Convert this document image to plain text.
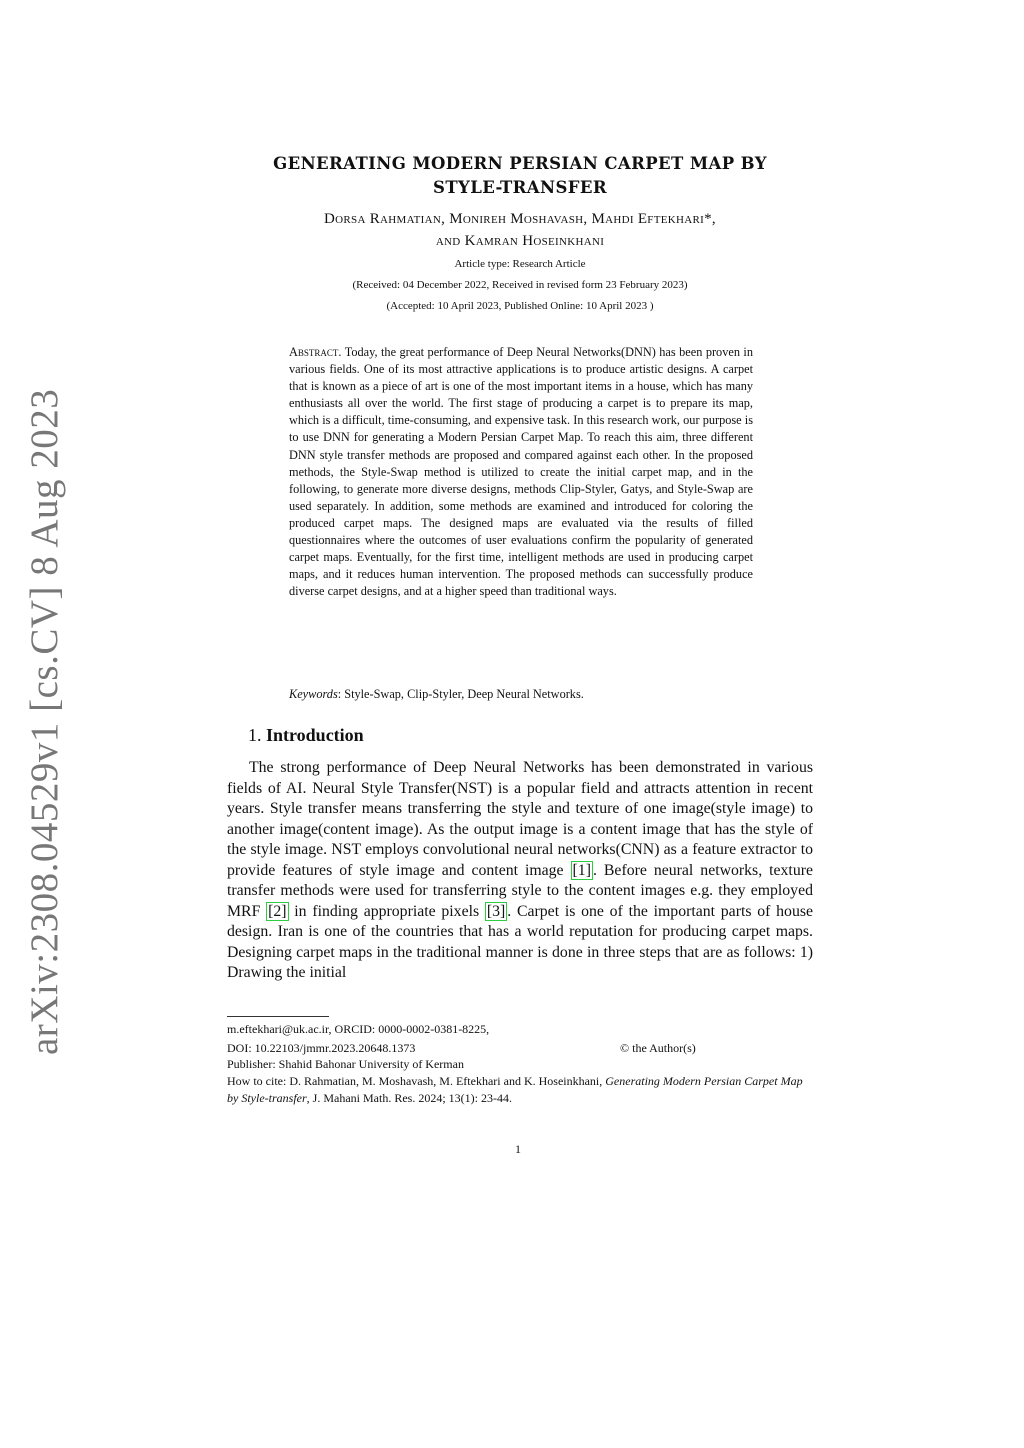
arXiv:2308.04529v1 [cs.CV] 8 Aug 2023
GENERATING MODERN PERSIAN CARPET MAP BY STYLE-TRANSFER
Dorsa Rahmatian, Monireh Moshavash, Mahdi Eftekhari*,
and Kamran Hoseinkhani
Article type: Research Article
(Received: 04 December 2022, Received in revised form 23 February 2023)
(Accepted: 10 April 2023, Published Online: 10 April 2023 )
Abstract. Today, the great performance of Deep Neural Networks(DNN) has been proven in various fields. One of its most attractive applications is to produce artistic designs. A carpet that is known as a piece of art is one of the most important items in a house, which has many enthusiasts all over the world. The first stage of producing a carpet is to prepare its map, which is a difficult, time-consuming, and expensive task. In this research work, our purpose is to use DNN for generating a Modern Persian Carpet Map. To reach this aim, three different DNN style transfer methods are proposed and compared against each other. In the proposed methods, the Style-Swap method is utilized to create the initial carpet map, and in the following, to generate more diverse designs, methods Clip-Styler, Gatys, and Style-Swap are used separately. In addition, some methods are examined and introduced for coloring the produced carpet maps. The designed maps are evaluated via the results of filled questionnaires where the outcomes of user evaluations confirm the popularity of generated carpet maps. Eventually, for the first time, intelligent methods are used in producing carpet maps, and it reduces human intervention. The proposed methods can successfully produce diverse carpet designs, and at a higher speed than traditional ways.
Keywords: Style-Swap, Clip-Styler, Deep Neural Networks.
1. Introduction
The strong performance of Deep Neural Networks has been demonstrated in various fields of AI. Neural Style Transfer(NST) is a popular field and attracts attention in recent years. Style transfer means transferring the style and texture of one image(style image) to another image(content image). As the output image is a content image that has the style of the style image. NST employs convolutional neural networks(CNN) as a feature extractor to provide features of style image and content image [1] . Before neural networks, texture transfer methods were used for transferring style to the content images e.g. they employed MRF [2] in finding appropriate pixels [3] . Carpet is one of the important parts of house design. Iran is one of the countries that has a world reputation for producing carpet maps. Designing carpet maps in the traditional manner is done in three steps that are as follows: 1) Drawing the initial
m.eftekhari@uk.ac.ir, ORCID: 0000-0002-0381-8225,
DOI: 10.22103/jmmr.2023.20648.1373	© the Author(s)
Publisher: Shahid Bahonar University of Kerman
How to cite: D. Rahmatian, M. Moshavash, M. Eftekhari and K. Hoseinkhani, Generating Modern Persian Carpet Map by Style-transfer, J. Mahani Math. Res. 2024; 13(1): 23-44.
1
